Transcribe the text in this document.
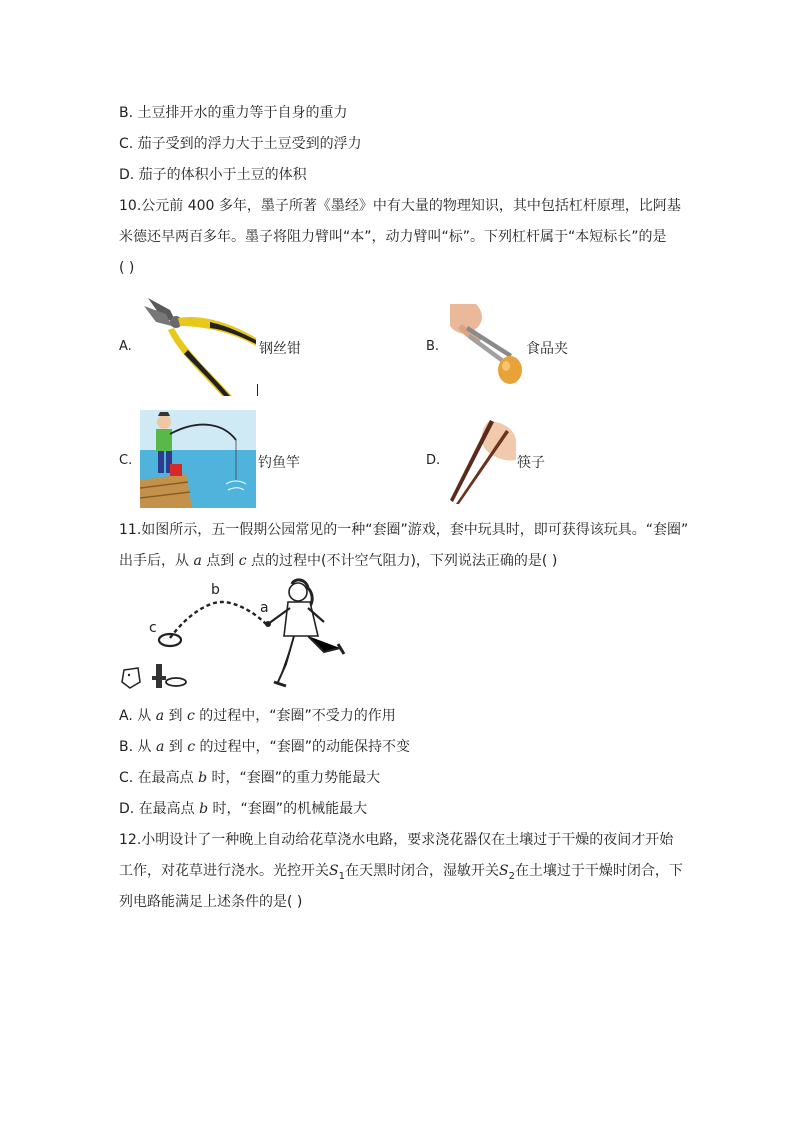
B. 土豆排开水的重力等于自身的重力
C. 茄子受到的浮力大于土豆受到的浮力
D. 茄子的体积小于土豆的体积
10.公元前 400 多年，墨子所著《墨经》中有大量的物理知识，其中包括杠杆原理，比阿基
米德还早两百多年。墨子将阻力臂叫“本”，动力臂叫“标”。下列杠杆属于“本短标长”的是
( )
A.	钢丝钳	B.	食品夹
C.	钓鱼竿	D.	筷子
11.如图所示，五一假期公园常见的一种“套圈”游戏，套中玩具时，即可获得该玩具。“套圈”
出手后，从 a 点到 c 点的过程中(不计空气阻力)，下列说法正确的是( )
b
a
c
A. 从 a 到 c 的过程中，“套圈”不受力的作用
B. 从 a 到 c 的过程中，“套圈”的动能保持不变
C. 在最高点 b 时，“套圈”的重力势能最大
D. 在最高点 b 时，“套圈”的机械能最大
12.小明设计了一种晚上自动给花草浇水电路，要求浇花器仅在土壤过于干燥的夜间才开始
工作，对花草进行浇水。光控开关$S_1$在天黑时闭合，湿敏开关$S_2$在土壤过于干燥时闭合，下
列电路能满足上述条件的是( )
